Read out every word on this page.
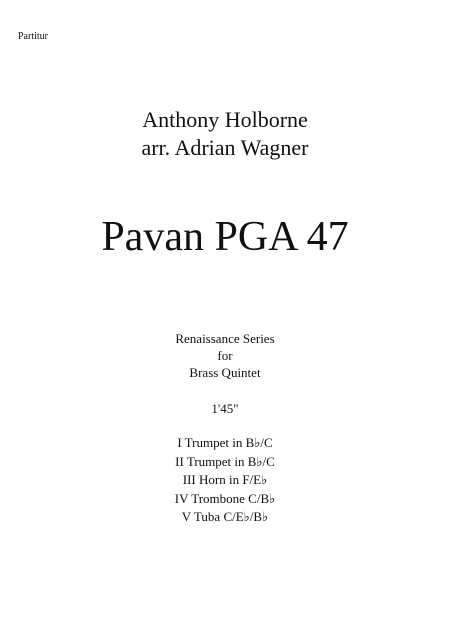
Partitur
Anthony Holborne
arr. Adrian Wagner
Pavan PGA 47
Renaissance Series
for
Brass Quintet
1'45"
I Trumpet in B♭/C
II Trumpet in B♭/C
III Horn in F/E♭
IV Trombone C/B♭
V Tuba C/E♭/B♭
